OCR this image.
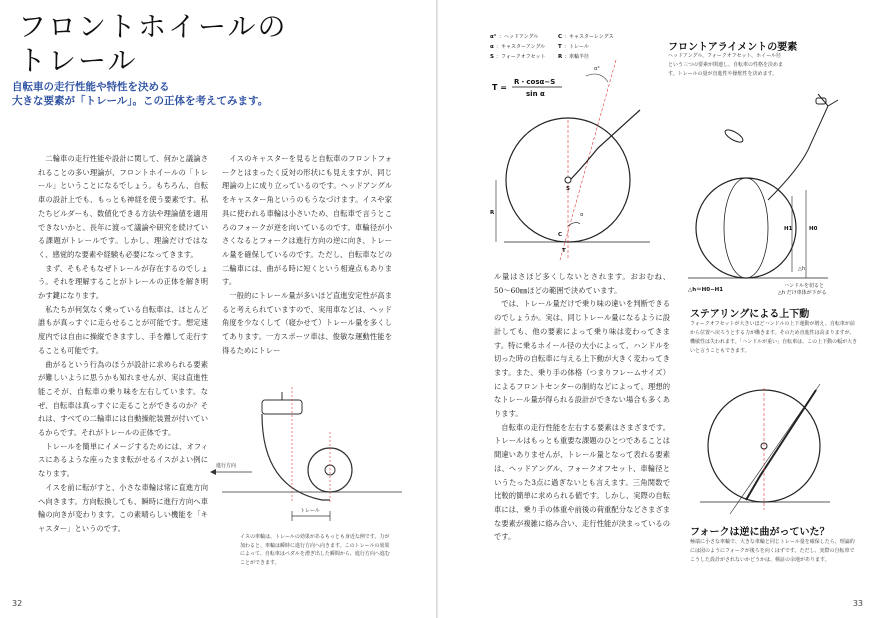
フロントホイールの
トレール
自転車の走行性能や特性を決める
大きな要素が「トレール」。この正体を考えてみます。

二輪車の走行性能や設計に関して、何かと議論されることの多い理論が、フロントホイールの「トレール」ということになるでしょう。もちろん、自転車の設計上でも、もっとも神経を使う要素です。私たちビルダーも、数値化できる方法や理論値を適用できないかと、長年に渡って議論や研究を続けている課題がトレールです。しかし、理論だけではなく、感覚的な要素や経験も必要になってきます。

まず、そもそもなぜトレールが存在するのでしょう。それを理解することがトレールの正体を解き明かす鍵になります。

私たちが何気なく乗っている自転車は、ほとんど誰もが真っすぐに走らせることが可能です。想定速度内では自由に操縦できますし、手を離して走行することも可能です。

曲がるという行為のほうが設計に求められる要素が難しいように思うかも知れませんが、実は直進性能こそが、自転車の乗り味を左右しています。なぜ、自転車は真っすぐに走ることができるのか？それは、すべての二輪車には自動操舵装置が付いているからです。それがトレールの正体です。

トレールを簡単にイメージするためには、オフィスにあるような座ったまま転がせるイスがよい例になります。

イスを前に転がすと、小さな車輪は常に直進方向へ向きます。方向転換しても、瞬時に進行方向へ車輪の向きが変わります。この素晴らしい機能を「キャスター」というのです。

イスのキャスターを見ると自転車のフロントフォークとはまったく反対の形状にも見えますが、同じ理論の上に成り立っているのです。ヘッドアングルをキャスター角というのもうなづけます。イスや家具に使われる車輪は小さいため、自転車で言うところのフォークが逆を向いているのです。車輪径が小さくなるとフォークは進行方向の逆に向き、トレール量を確保しているのです。ただし、自転車などの二輪車には、曲がる時に短くという相違点もあります。

一般的にトレール量が多いほど直進安定性が高まると考えられていますので、実用車などは、ヘッド角度を少なくして（寝かせて）トレール量を多くしてあります。一方スポーツ車は、俊敏な運動性能を得るためにトレー

トレール
進行方向

イスの車輪は、トレールの効果があるもっとも身近な例です。力が加わると、車輪は瞬時に進行方向へ向きます。このトレールの効果によって、自転車はペダルを漕ぎ出した瞬間から、進行方向へ進むことができます。

32
α° ：ヘッドアングル	C ：キャスターレングス
α ：キャスターアングル T ：トレール
S ：フォークオフセット R ：車輪半径
T =
R・cosα−S
sin α
α°
S
R	α
C
T
フロントアライメントの要素

ヘッドアングル、フォークオフセット、ホイール径という三つの要素が関連し、自転車の性格を決めます。トレールの量が直進性や操舵性を決めます。

ル量はさほど多くしないとされます。おおむね、50〜60㎜ほどの範囲で決めています。

では、トレール量だけで乗り味の違いを判断できるのでしょうか。実は、同じトレール量になるように設計しても、他の要素によって乗り味は変わってきます。特に乗るホイール径の大小によって、ハンドルを切った時の自転車に与える上下動が大きく変わってきます。また、乗り手の体格（つまりフレームサイズ）によるフロントセンターの制約などによって、理想的なトレール量が得られる設計ができない場合も多くあります。

自転車の走行性能を左右する要素はさまざまです。トレールはもっとも重要な課題のひとつであることは間違いありませんが、トレール量となって表れる要素は、ヘッドアングル、フォークオフセット、車輪径というたった3点に過ぎないとも言えます。三角関数で比較的簡単に求められる値です。しかし、実際の自転車には、乗り手の体重や前後の荷重配分などさまざまな要素が複雑に絡み合い、走行性能が決まっているのです。

H1	H0
△h
△h＝H0−H1
ハンドルを切ると
△h だけ車体が下がる
ステアリングによる上下動

フォークオフセットが大きいほどハンドルの上下運動が増え、自転車が前から位置へ戻ろうとする力が働きます。そのため直進性は高まりますが、機敏性は失われます。「ハンドルが重い」自転車は、この上下動の幅が大きいと言うこともできます。

フォークは逆に曲がっていた？

極端に小さな車輪で、大きな車輪と同じトレール量を確保したら、理論的には図のようにフォークが後ろを向くはずです。ただし、実際の自転車でこうした設計がされないかどうかは、検証の余地があります。

33
